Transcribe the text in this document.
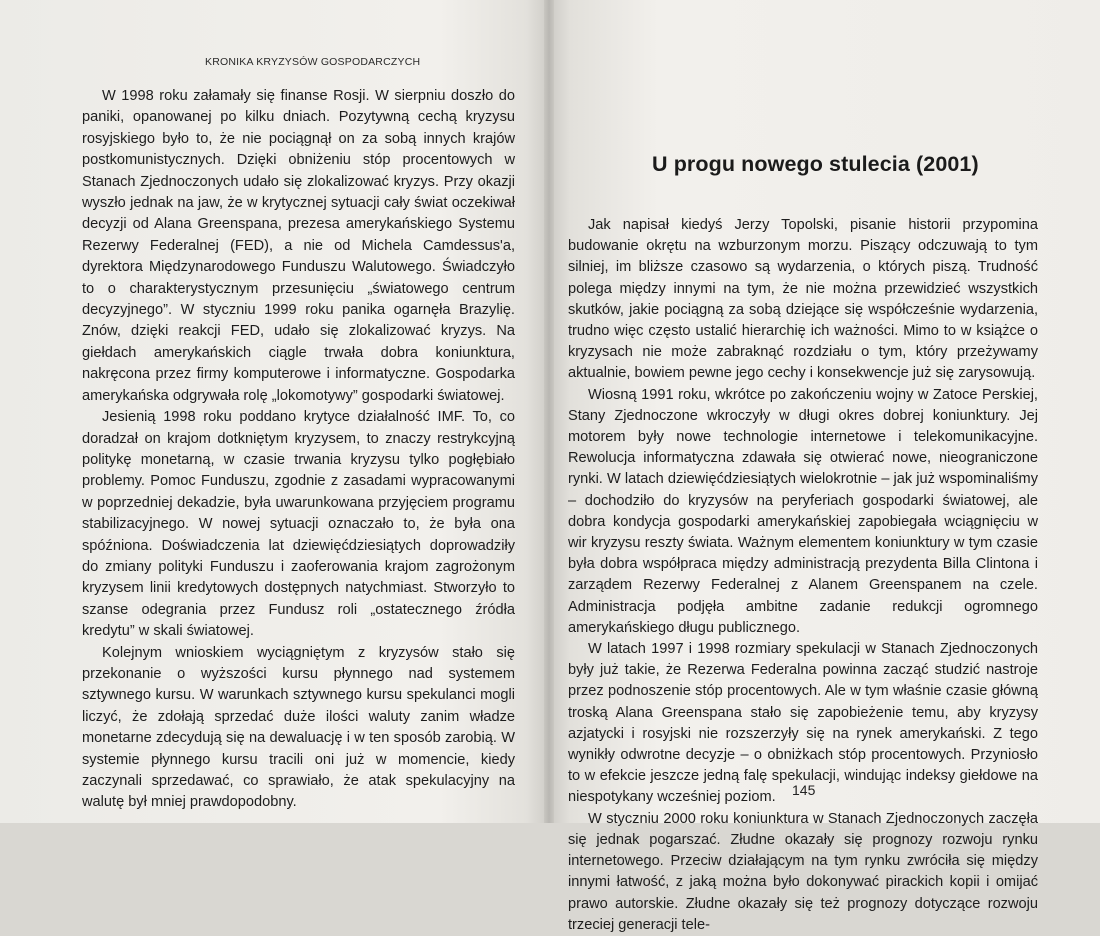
KRONIKA KRYZYSÓW GOSPODARCZYCH

W 1998 roku załamały się finanse Rosji. W sierpniu doszło do paniki, opanowanej po kilku dniach. Pozytywną cechą kryzysu rosyjskiego było to, że nie pociągnął on za sobą innych krajów postkomunistycznych. Dzięki obniżeniu stóp procentowych w Stanach Zjednoczonych udało się zlokalizować kryzys. Przy okazji wyszło jednak na jaw, że w krytycznej sytuacji cały świat oczekiwał decyzji od Alana Greenspana, prezesa amerykańskiego Systemu Rezerwy Federalnej (FED), a nie od Michela Camdessus'a, dyrektora Międzynarodowego Funduszu Walutowego. Świadczyło to o charakterystycznym przesunięciu „światowego centrum decyzyjnego”. W styczniu 1999 roku panika ogarnęła Brazylię. Znów, dzięki reakcji FED, udało się zlokalizować kryzys. Na giełdach amerykańskich ciągle trwała dobra koniunktura, nakręcona przez firmy komputerowe i informatyczne. Gospodarka amerykańska odgrywała rolę „lokomotywy” gospodarki światowej.

Jesienią 1998 roku poddano krytyce działalność IMF. To, co doradzał on krajom dotkniętym kryzysem, to znaczy restrykcyjną politykę monetarną, w czasie trwania kryzysu tylko pogłębiało problemy. Pomoc Funduszu, zgodnie z zasadami wypracowanymi w poprzedniej dekadzie, była uwarunkowana przyjęciem programu stabilizacyjnego. W nowej sytuacji oznaczało to, że była ona spóźniona. Doświadczenia lat dziewięćdziesiątych doprowadziły do zmiany polityki Funduszu i zaoferowania krajom zagrożonym kryzysem linii kredytowych dostępnych natychmiast. Stworzyło to szanse odegrania przez Fundusz roli „ostatecznego źródła kredytu” w skali światowej.

Kolejnym wnioskiem wyciągniętym z kryzysów stało się przekonanie o wyższości kursu płynnego nad systemem sztywnego kursu. W warunkach sztywnego kursu spekulanci mogli liczyć, że zdołają sprzedać duże ilości waluty zanim władze monetarne zdecydują się na dewaluację i w ten sposób zarobią. W systemie płynnego kursu tracili oni już w momencie, kiedy zaczynali sprzedawać, co sprawiało, że atak spekulacyjny na walutę był mniej prawdopodobny.

U progu nowego stulecia (2001)

Jak napisał kiedyś Jerzy Topolski, pisanie historii przypomina budowanie okrętu na wzburzonym morzu. Piszący odczuwają to tym silniej, im bliższe czasowo są wydarzenia, o których piszą. Trudność polega między innymi na tym, że nie można przewidzieć wszystkich skutków, jakie pociągną za sobą dziejące się współcześnie wydarzenia, trudno więc często ustalić hierarchię ich ważności. Mimo to w książce o kryzysach nie może zabraknąć rozdziału o tym, który przeżywamy aktualnie, bowiem pewne jego cechy i konsekwencje już się zarysowują.

Wiosną 1991 roku, wkrótce po zakończeniu wojny w Zatoce Perskiej, Stany Zjednoczone wkroczyły w długi okres dobrej koniunktury. Jej motorem były nowe technologie internetowe i telekomunikacyjne. Rewolucja informatyczna zdawała się otwierać nowe, nieograniczone rynki. W latach dziewięćdziesiątych wielokrotnie – jak już wspominaliśmy – dochodziło do kryzysów na peryferiach gospodarki światowej, ale dobra kondycja gospodarki amerykańskiej zapobiegała wciągnięciu w wir kryzysu reszty świata. Ważnym elementem koniunktury w tym czasie była dobra współpraca między administracją prezydenta Billa Clintona i zarządem Rezerwy Federalnej z Alanem Greenspanem na czele. Administracja podjęła ambitne zadanie redukcji ogromnego amerykańskiego długu publicznego.

W latach 1997 i 1998 rozmiary spekulacji w Stanach Zjednoczonych były już takie, że Rezerwa Federalna powinna zacząć studzić nastroje przez podnoszenie stóp procentowych. Ale w tym właśnie czasie główną troską Alana Greenspana stało się zapobieżenie temu, aby kryzysy azjatycki i rosyjski nie rozszerzyły się na rynek amerykański. Z tego wynikły odwrotne decyzje – o obniżkach stóp procentowych. Przyniosło to w efekcie jeszcze jedną falę spekulacji, windując indeksy giełdowe na niespotykany wcześniej poziom.

W styczniu 2000 roku koniunktura w Stanach Zjednoczonych zaczęła się jednak pogarszać. Złudne okazały się prognozy rozwoju rynku internetowego. Przeciw działającym na tym rynku zwróciła się między innymi łatwość, z jaką można było dokonywać pirackich kopii i omijać prawo autorskie. Złudne okazały się też prognozy dotyczące rozwoju trzeciej generacji tele-

145
